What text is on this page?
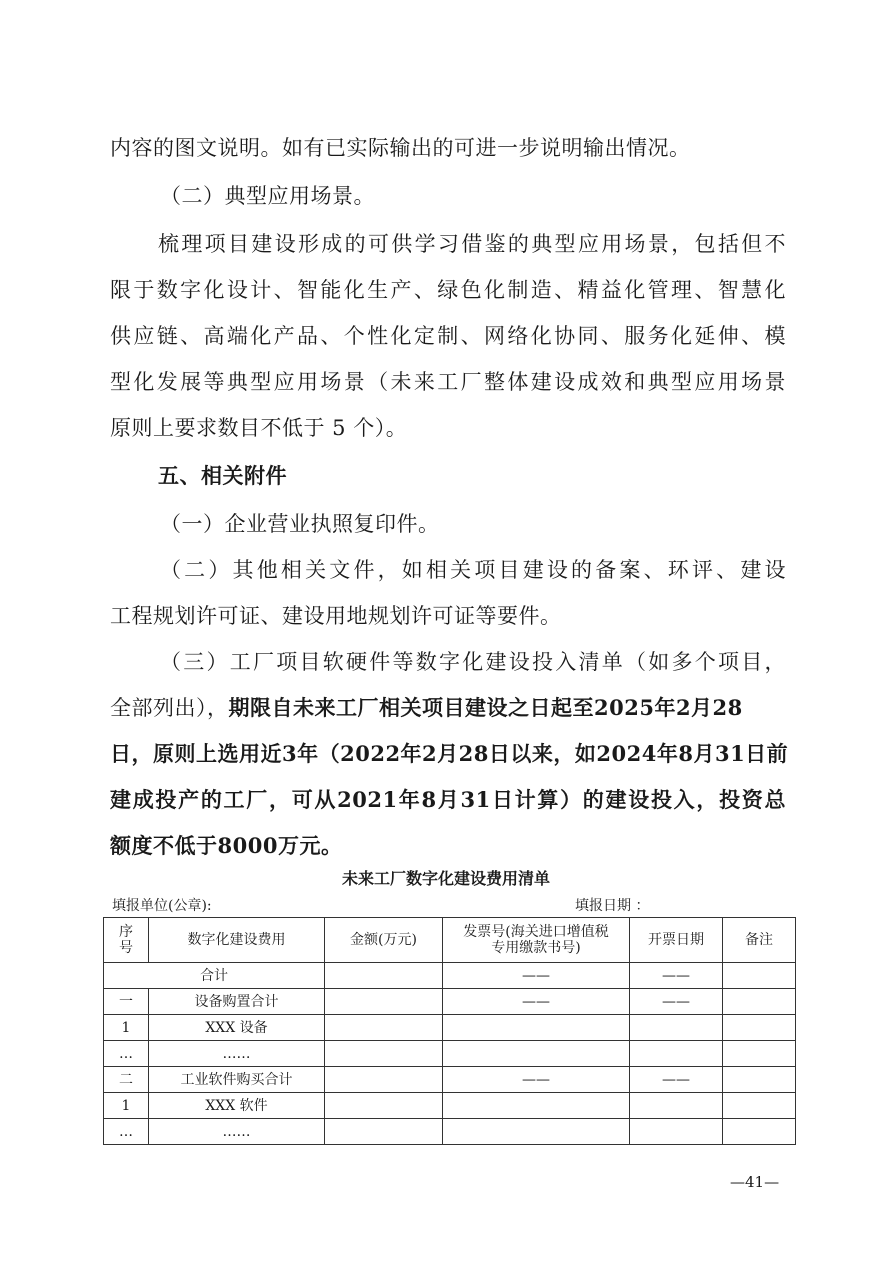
内容的图文说明。如有已实际输出的可进一步说明输出情况。
（二）典型应用场景。
梳理项目建设形成的可供学习借鉴的典型应用场景，包括但不
限于数字化设计、智能化生产、绿色化制造、精益化管理、智慧化
供应链、高端化产品、个性化定制、网络化协同、服务化延伸、模
型化发展等典型应用场景（未来工厂整体建设成效和典型应用场景
原则上要求数目不低于 5 个）。
五、相关附件
（一）企业营业执照复印件。
（二）其他相关文件，如相关项目建设的备案、环评、建设
工程规划许可证、建设用地规划许可证等要件。
（三）工厂项目软硬件等数字化建设投入清单（如多个项目，
全部列出），期限自未来工厂相关项目建设之日起至2025年2月28
日，原则上选用近3年（2022年2月28日以来，如2024年8月31日前
建成投产的工厂，可从2021年8月31日计算）的建设投入，投资总
额度不低于8000万元。
未来工厂数字化建设费用清单
填报单位(公章):	填报日期 ：
序号	数字化建设费用	金额(万元)	发票号(海关进口增值税专用缴款书号)	开票日期	备注
合计			——	——	
一	设备购置合计		——	——	
1	XXX 设备				
…	……				
二	工业软件购买合计		——	——	
1	XXX 软件				
…	……				
—41—
